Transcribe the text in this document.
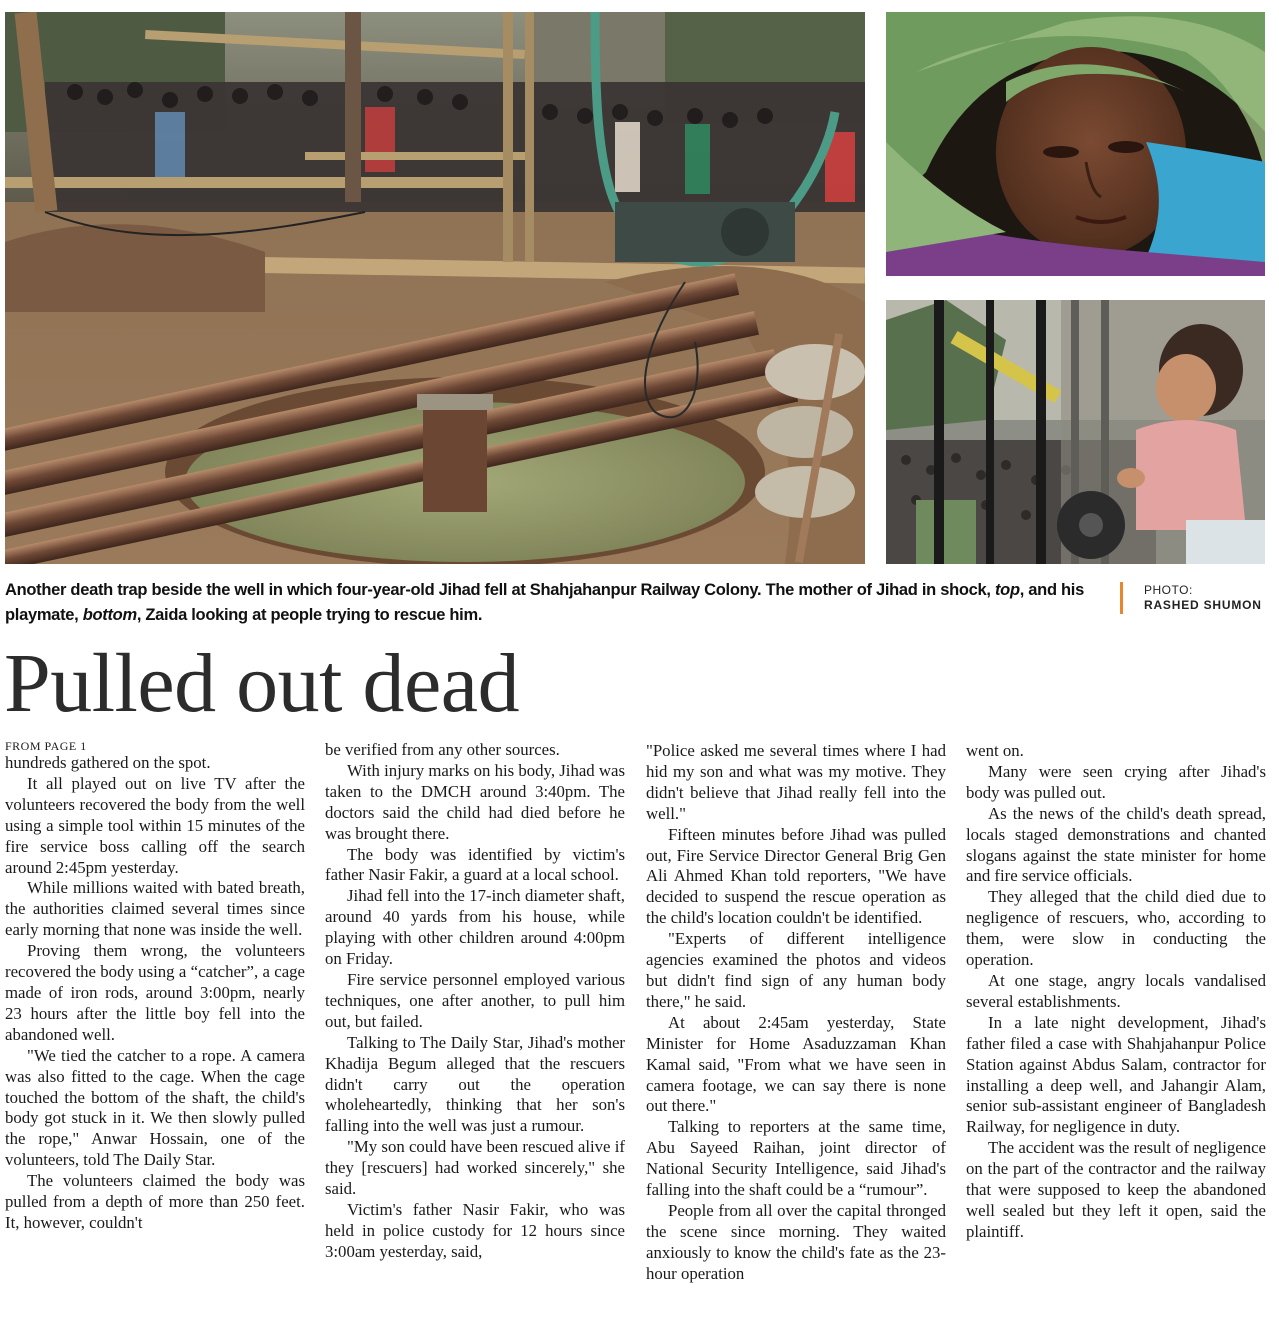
Another death trap beside the well in which four-year-old Jihad fell at Shahjahanpur Railway Colony. The mother of Jihad in shock, top, and his playmate, bottom, Zaida looking at people trying to rescue him.
PHOTO:
RASHED SHUMON
Pulled out dead

FROM PAGE 1

hundreds gathered on the spot.

It all played out on live TV after the volunteers recovered the body from the well using a simple tool within 15 minutes of the fire service boss calling off the search around 2:45pm yesterday.

While millions waited with bated breath, the authorities claimed several times since early morning that none was inside the well.

Proving them wrong, the volunteers recovered the body using a “catcher”, a cage made of iron rods, around 3:00pm, nearly 23 hours after the little boy fell into the abandoned well.

"We tied the catcher to a rope. A camera was also fitted to the cage. When the cage touched the bottom of the shaft, the child's body got stuck in it. We then slowly pulled the rope," Anwar Hossain, one of the volunteers, told The Daily Star.

The volunteers claimed the body was pulled from a depth of more than 250 feet. It, however, couldn't

be verified from any other sources.

With injury marks on his body, Jihad was taken to the DMCH around 3:40pm. The doctors said the child had died before he was brought there.

The body was identified by victim's father Nasir Fakir, a guard at a local school.

Jihad fell into the 17-inch diameter shaft, around 40 yards from his house, while playing with other children around 4:00pm on Friday.

Fire service personnel employed various techniques, one after another, to pull him out, but failed.

Talking to The Daily Star, Jihad's mother Khadija Begum alleged that the rescuers didn't carry out the operation wholeheartedly, thinking that her son's falling into the well was just a rumour.

"My son could have been rescued alive if they [rescuers] had worked sincerely," she said.

Victim's father Nasir Fakir, who was held in police custody for 12 hours since 3:00am yesterday, said,

"Police asked me several times where I had hid my son and what was my motive. They didn't believe that Jihad really fell into the well."

Fifteen minutes before Jihad was pulled out, Fire Service Director General Brig Gen Ali Ahmed Khan told reporters, "We have decided to suspend the rescue operation as the child's location couldn't be identified.

"Experts of different intelligence agencies examined the photos and videos but didn't find sign of any human body there," he said.

At about 2:45am yesterday, State Minister for Home Asaduzzaman Khan Kamal said, "From what we have seen in camera footage, we can say there is none out there."

Talking to reporters at the same time, Abu Sayeed Raihan, joint director of National Security Intelligence, said Jihad's falling into the shaft could be a “rumour”.

People from all over the capital thronged the scene since morning. They waited anxiously to know the child's fate as the 23-hour operation

went on.

Many were seen crying after Jihad's body was pulled out.

As the news of the child's death spread, locals staged demonstrations and chanted slogans against the state minister for home and fire service officials.

They alleged that the child died due to negligence of rescuers, who, according to them, were slow in conducting the operation.

At one stage, angry locals vandalised several establishments.

In a late night development, Jihad's father filed a case with Shahjahanpur Police Station against Abdus Salam, contractor for installing a deep well, and Jahangir Alam, senior sub-assistant engineer of Bangladesh Railway, for negligence in duty.

The accident was the result of negligence on the part of the contractor and the railway that were supposed to keep the abandoned well sealed but they left it open, said the plaintiff.
